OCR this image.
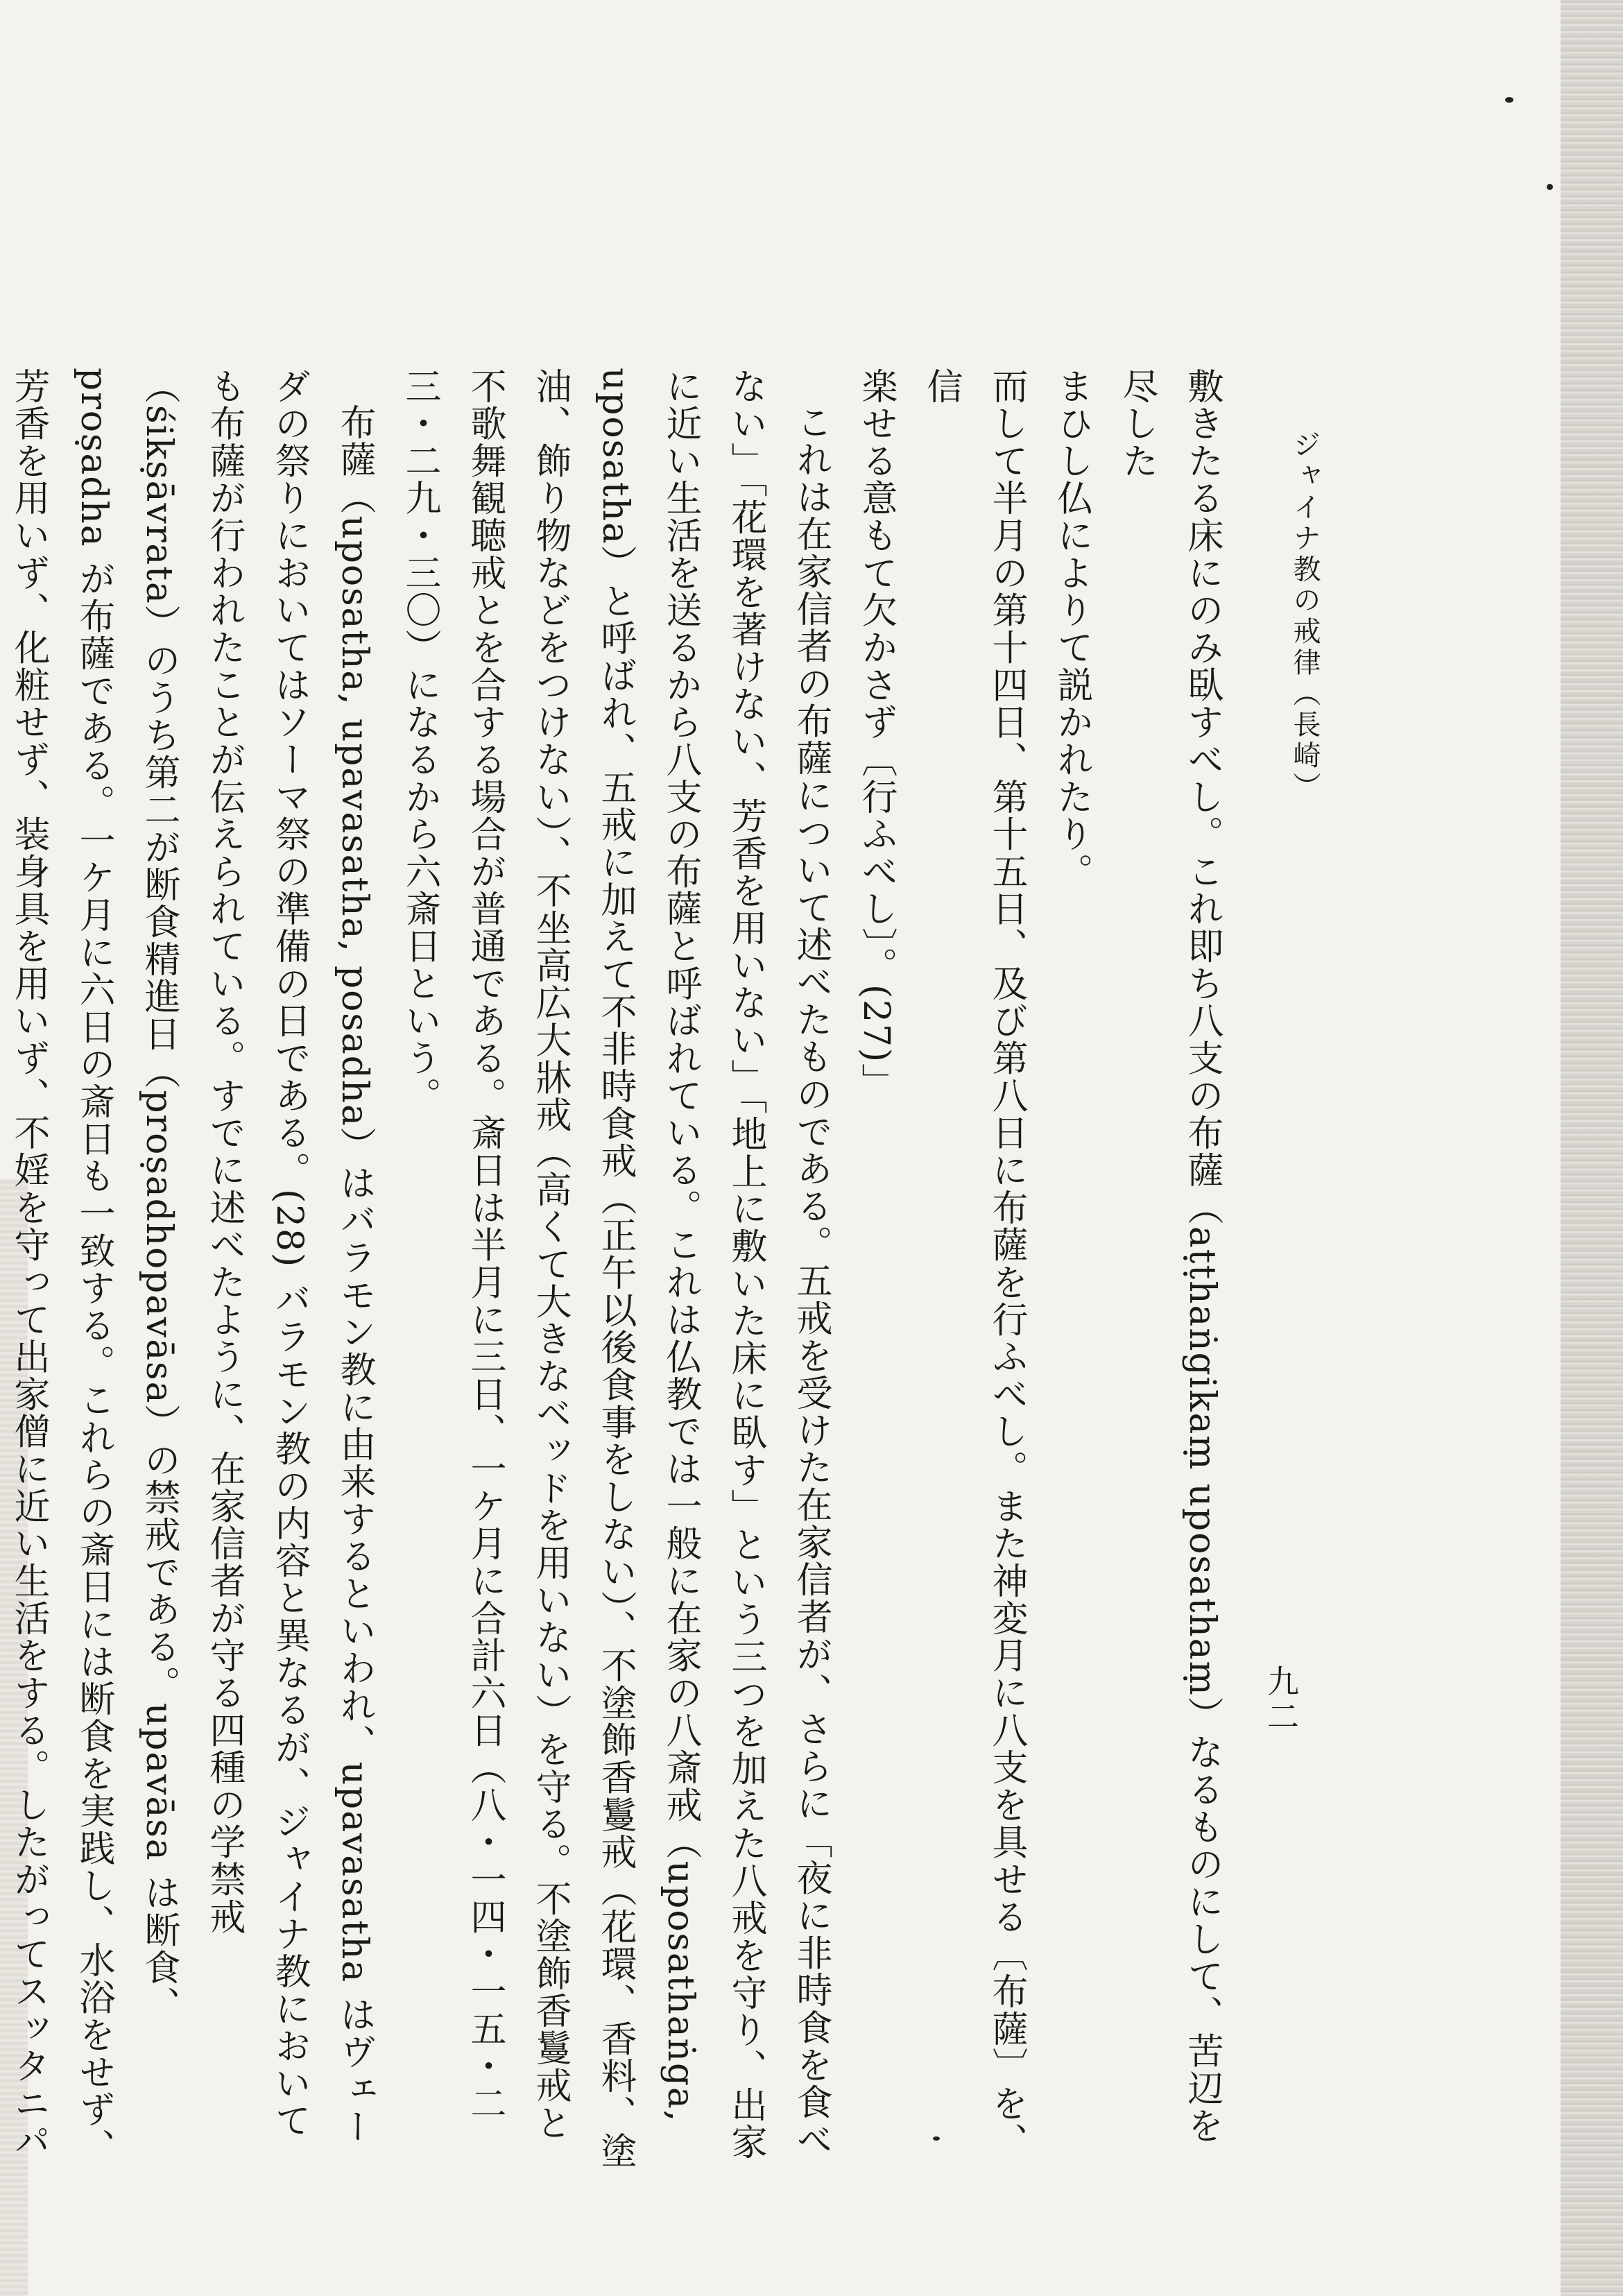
ジャイナ教の戒律（長崎）
九二

敷きたる床にのみ臥すべし。これ即ち八支の布薩（aṭṭhaṅgikaṃ uposathaṃ）なるものにして、苦辺を尽した

まひし仏によりて説かれたり。

而して半月の第十四日、第十五日、及び第八日に布薩を行ふべし。また神変月に八支を具せる〔布薩〕を、信

楽せる意もて欠かさず〔行ふべし〕。(27)」

これは在家信者の布薩について述べたものである。五戒を受けた在家信者が、さらに「夜に非時食を食べない」「花環を著けない、芳香を用いない」「地上に敷いた床に臥す」という三つを加えた八戒を守り、出家に近い生活を送るから八支の布薩と呼ばれている。これは仏教では一般に在家の八斎戒（uposathaṅga, uposatha）と呼ばれ、五戒に加えて不非時食戒（正午以後食事をしない）、不塗飾香鬘戒（花環、香料、塗油、飾り物などをつけない）、不坐高広大牀戒（高くて大きなベッドを用いない）を守る。不塗飾香鬘戒と不歌舞観聴戒とを合する場合が普通である。斎日は半月に三日、一ケ月に合計六日（八・一四・一五・二三・二九・三〇）になるから六斎日という。

布薩（uposatha, upavasatha, posadha）はバラモン教に由来するといわれ、upavasatha はヴェーダの祭りにおいてはソーマ祭の準備の日である。(28) バラモン教の内容と異なるが、ジャイナ教においても布薩が行われたことが伝えられている。すでに述べたように、在家信者が守る四種の学禁戒（śikṣāvrata）のうち第二が断食精進日（proṣadhopavāsa）の禁戒である。upavāsa は断食、proṣadha が布薩である。一ケ月に六日の斎日も一致する。これらの斎日には断食を実践し、水浴をせず、芳香を用いず、化粧せず、装身具を用いず、不婬を守って出家僧に近い生活をする。したがってスッタニパ
